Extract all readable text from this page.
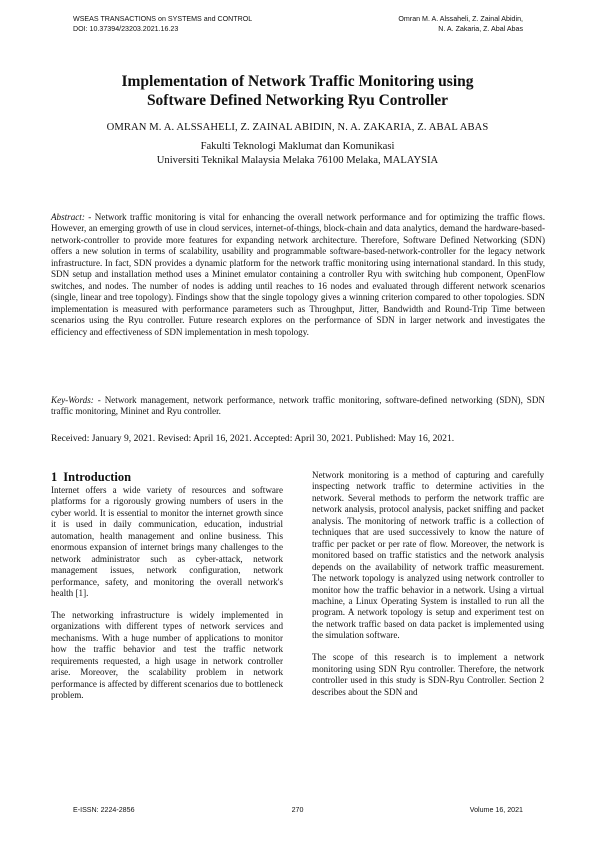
WSEAS TRANSACTIONS on SYSTEMS and CONTROL
DOI: 10.37394/23203.2021.16.23
Omran M. A. Alssaheli, Z. Zainal Abidin,
N. A. Zakaria, Z. Abal Abas
Implementation of Network Traffic Monitoring using
Software Defined Networking Ryu Controller
OMRAN M. A. ALSSAHELI, Z. ZAINAL ABIDIN, N. A. ZAKARIA, Z. ABAL ABAS
Fakulti Teknologi Maklumat dan Komunikasi
Universiti Teknikal Malaysia Melaka 76100 Melaka, MALAYSIA
Abstract: - Network traffic monitoring is vital for enhancing the overall network performance and for optimizing the traffic flows. However, an emerging growth of use in cloud services, internet-of-things, block-chain and data analytics, demand the hardware-based-network-controller to provide more features for expanding network architecture. Therefore, Software Defined Networking (SDN) offers a new solution in terms of scalability, usability and programmable software-based-network-controller for the legacy network infrastructure. In fact, SDN provides a dynamic platform for the network traffic monitoring using international standard. In this study, SDN setup and installation method uses a Mininet emulator containing a controller Ryu with switching hub component, OpenFlow switches, and nodes. The number of nodes is adding until reaches to 16 nodes and evaluated through different network scenarios (single, linear and tree topology). Findings show that the single topology gives a winning criterion compared to other topologies. SDN implementation is measured with performance parameters such as Throughput, Jitter, Bandwidth and Round-Trip Time between scenarios using the Ryu controller. Future research explores on the performance of SDN in larger network and investigates the efficiency and effectiveness of SDN implementation in mesh topology.
Key-Words: - Network management, network performance, network traffic monitoring, software-defined networking (SDN), SDN traffic monitoring, Mininet and Ryu controller.
Received: January 9, 2021. Revised: April 16, 2021. Accepted: April 30, 2021. Published: May 16, 2021.
1 Introduction

Internet offers a wide variety of resources and software platforms for a rigorously growing numbers of users in the cyber world. It is essential to monitor the internet growth since it is used in daily communication, education, industrial automation, health management and online business. This enormous expansion of internet brings many challenges to the network administrator such as cyber-attack, network management issues, network configuration, network performance, safety, and monitoring the overall network's health [1].

The networking infrastructure is widely implemented in organizations with different types of network services and mechanisms. With a huge number of applications to monitor how the traffic behavior and test the traffic network requirements requested, a high usage in network controller arise. Moreover, the scalability problem in network performance is affected by different scenarios due to bottleneck problem.

Network monitoring is a method of capturing and carefully inspecting network traffic to determine activities in the network. Several methods to perform the network traffic are network analysis, protocol analysis, packet sniffing and packet analysis. The monitoring of network traffic is a collection of techniques that are used successively to know the nature of traffic per packet or per rate of flow. Moreover, the network is monitored based on traffic statistics and the network analysis depends on the availability of network traffic measurement. The network topology is analyzed using network controller to monitor how the traffic behavior in a network. Using a virtual machine, a Linux Operating System is installed to run all the program. A network topology is setup and experiment test on the network traffic based on data packet is implemented using the simulation software.

The scope of this research is to implement a network monitoring using SDN Ryu controller. Therefore, the network controller used in this study is SDN-Ryu Controller. Section 2 describes about the SDN and

E-ISSN: 2224-2856	270	Volume 16, 2021
